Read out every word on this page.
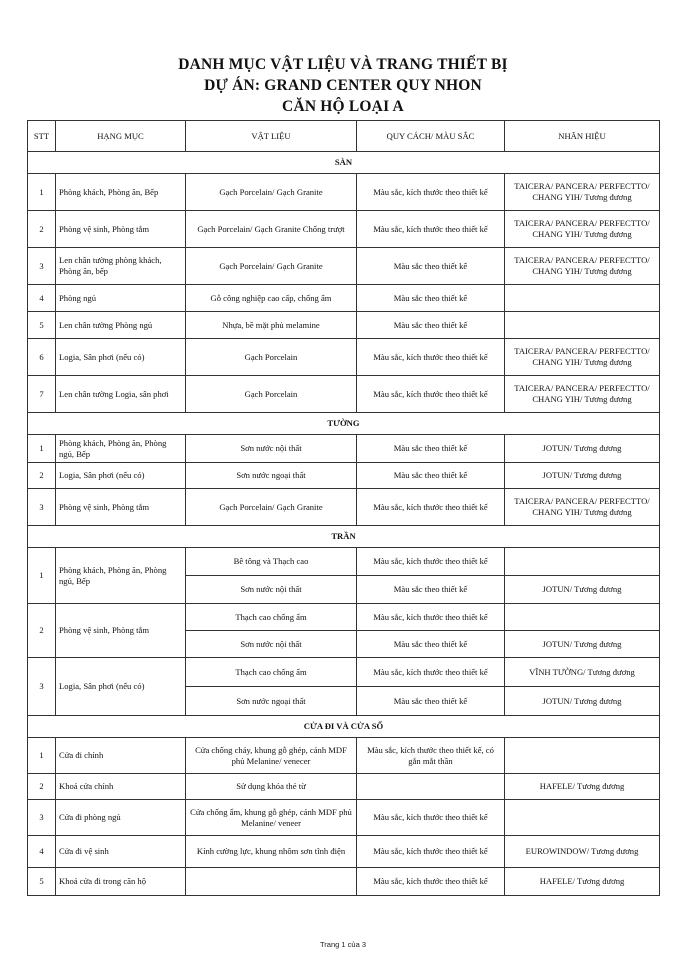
DANH MỤC VẬT LIỆU VÀ TRANG THIẾT BỊ
DỰ ÁN: GRAND CENTER QUY NHON
CĂN HỘ LOẠI A
STT	HẠNG MỤC	VẬT LIỆU	QUY CÁCH/ MÀU SẮC	NHÃN HIỆU
SÀN				
1	Phòng khách, Phòng ăn, Bếp	Gạch Porcelain/ Gạch Granite	Màu sắc, kích thước theo thiết kế	TAICERA/ PANCERA/ PERFECTTO/ CHANG YIH/ Tương đương
2	Phòng vệ sinh, Phòng tắm	Gạch Porcelain/ Gạch Granite Chống trượt	Màu sắc, kích thước theo thiết kế	TAICERA/ PANCERA/ PERFECTTO/ CHANG YIH/ Tương đương
3	Len chân tường phòng khách, Phòng ăn, bếp	Gạch Porcelain/ Gạch Granite	Màu sắc theo thiết kế	TAICERA/ PANCERA/ PERFECTTO/ CHANG YIH/ Tương đương
4	Phòng ngủ	Gỗ công nghiệp cao cấp, chống ẩm	Màu sắc theo thiết kế	
5	Len chân tường Phòng ngủ	Nhựa, bề mặt phủ melamine	Màu sắc theo thiết kế	
6	Logia, Sân phơi (nếu có)	Gạch Porcelain	Màu sắc, kích thước theo thiết kế	TAICERA/ PANCERA/ PERFECTTO/ CHANG YIH/ Tương đương
7	Len chân tường Logia, sân phơi	Gạch Porcelain	Màu sắc, kích thước theo thiết kế	TAICERA/ PANCERA/ PERFECTTO/ CHANG YIH/ Tương đương
TƯỜNG				
1	Phòng khách, Phòng ăn, Phòng ngủ, Bếp	Sơn nước nội thất	Màu sắc theo thiết kế	JOTUN/ Tương đương
2	Logia, Sân phơi (nếu có)	Sơn nước ngoại thất	Màu sắc theo thiết kế	JOTUN/ Tương đương
3	Phòng vệ sinh, Phòng tắm	Gạch Porcelain/ Gạch Granite	Màu sắc, kích thước theo thiết kế	TAICERA/ PANCERA/ PERFECTTO/ CHANG YIH/ Tương đương
TRẦN				
1	Phòng khách, Phòng ăn, Phòng ngủ, Bếp	Bê tông và Thạch cao	Màu sắc, kích thước theo thiết kế	
		Sơn nước nội thất	Màu sắc theo thiết kế	JOTUN/ Tương đương
2	Phòng vệ sinh, Phòng tắm	Thạch cao chống ẩm	Màu sắc, kích thước theo thiết kế	
		Sơn nước nội thất	Màu sắc theo thiết kế	JOTUN/ Tương đương
3	Logia, Sân phơi (nếu có)	Thạch cao chống ẩm	Màu sắc, kích thước theo thiết kế	VĨNH TƯỜNG/ Tương đương
		Sơn nước ngoại thất	Màu sắc theo thiết kế	JOTUN/ Tương đương
CỬA ĐI VÀ CỬA SỔ				
1	Cửa đi chính	Cửa chống cháy, khung gỗ ghép, cánh MDF phủ Melanine/ venecer	Màu sắc, kích thước theo thiết kế, có gắn mắt thần	
2	Khoá cửa chính	Sử dụng khóa thẻ từ		HAFELE/ Tương đương
3	Cửa đi phòng ngủ	Cửa chống ẩm, khung gỗ ghép, cánh MDF phủ Melanine/ veneer	Màu sắc, kích thước theo thiết kế	
4	Cửa đi vệ sinh	Kính cường lực, khung nhôm sơn tĩnh điện	Màu sắc, kích thước theo thiết kế	EUROWINDOW/ Tương đương
5	Khoá cửa đi trong căn hộ		Màu sắc, kích thước theo thiết kế	HAFELE/ Tương đương
Trang 1 của 3
